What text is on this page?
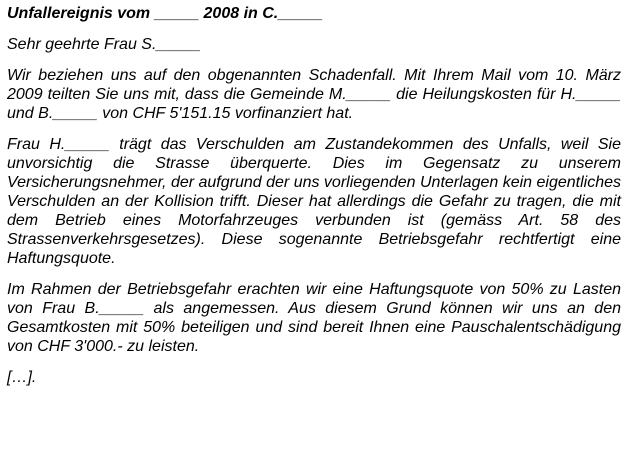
Unfallereignis vom _____ 2008 in C._____
Sehr geehrte Frau S._____
Wir beziehen uns auf den obgenannten Schadenfall. Mit Ihrem Mail vom 10. März 2009 teilten Sie uns mit, dass die Gemeinde M._____ die Heilungskosten für H._____ und B._____ von CHF 5'151.15 vorfinanziert hat.
Frau H._____ trägt das Verschulden am Zustandekommen des Unfalls, weil Sie unvorsichtig die Strasse überquerte. Dies im Gegensatz zu unserem Versicherungsnehmer, der aufgrund der uns vorliegenden Unterlagen kein eigentliches Verschulden an der Kollision trifft. Dieser hat allerdings die Gefahr zu tragen, die mit dem Betrieb eines Motorfahrzeuges verbunden ist (gemäss Art. 58 des Strassenverkehrsgesetzes). Diese sogenannte Betriebsgefahr rechtfertigt eine Haftungsquote.
Im Rahmen der Betriebsgefahr erachten wir eine Haftungsquote von 50% zu Lasten von Frau B._____ als angemessen. Aus diesem Grund können wir uns an den Gesamtkosten mit 50% beteiligen und sind bereit Ihnen eine Pauschalentschädigung von CHF 3'000.- zu leisten.
[…].
